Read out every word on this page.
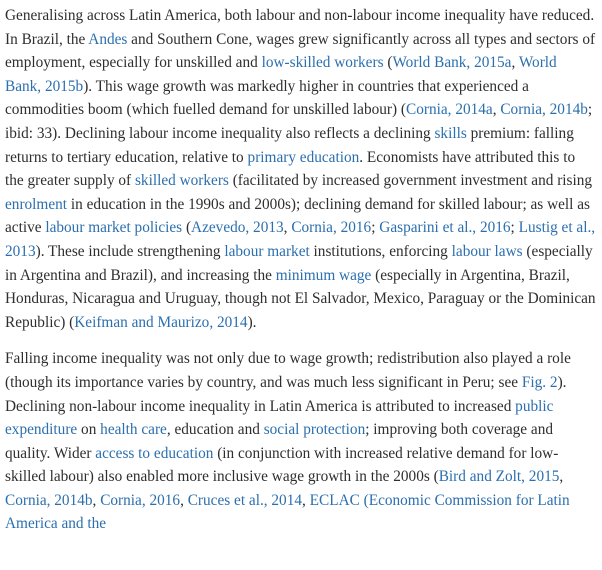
Generalising across Latin America, both labour and non-labour income inequality have reduced. In Brazil, the Andes and Southern Cone, wages grew significantly across all types and sectors of employment, especially for unskilled and low-skilled workers (World Bank, 2015a, World Bank, 2015b). This wage growth was markedly higher in countries that experienced a commodities boom (which fuelled demand for unskilled labour) (Cornia, 2014a, Cornia, 2014b; ibid: 33). Declining labour income inequality also reflects a declining skills premium: falling returns to tertiary education, relative to primary education. Economists have attributed this to the greater supply of skilled workers (facilitated by increased government investment and rising enrolment in education in the 1990s and 2000s); declining demand for skilled labour; as well as active labour market policies (Azevedo, 2013, Cornia, 2016; Gasparini et al., 2016; Lustig et al., 2013). These include strengthening labour market institutions, enforcing labour laws (especially in Argentina and Brazil), and increasing the minimum wage (especially in Argentina, Brazil, Honduras, Nicaragua and Uruguay, though not El Salvador, Mexico, Paraguay or the Dominican Republic) (Keifman and Maurizo, 2014).

Falling income inequality was not only due to wage growth; redistribution also played a role (though its importance varies by country, and was much less significant in Peru; see Fig. 2). Declining non-labour income inequality in Latin America is attributed to increased public expenditure on health care, education and social protection; improving both coverage and quality. Wider access to education (in conjunction with increased relative demand for low-skilled labour) also enabled more inclusive wage growth in the 2000s (Bird and Zolt, 2015, Cornia, 2014b, Cornia, 2016, Cruces et al., 2014, ECLAC (Economic Commission for Latin America and the
